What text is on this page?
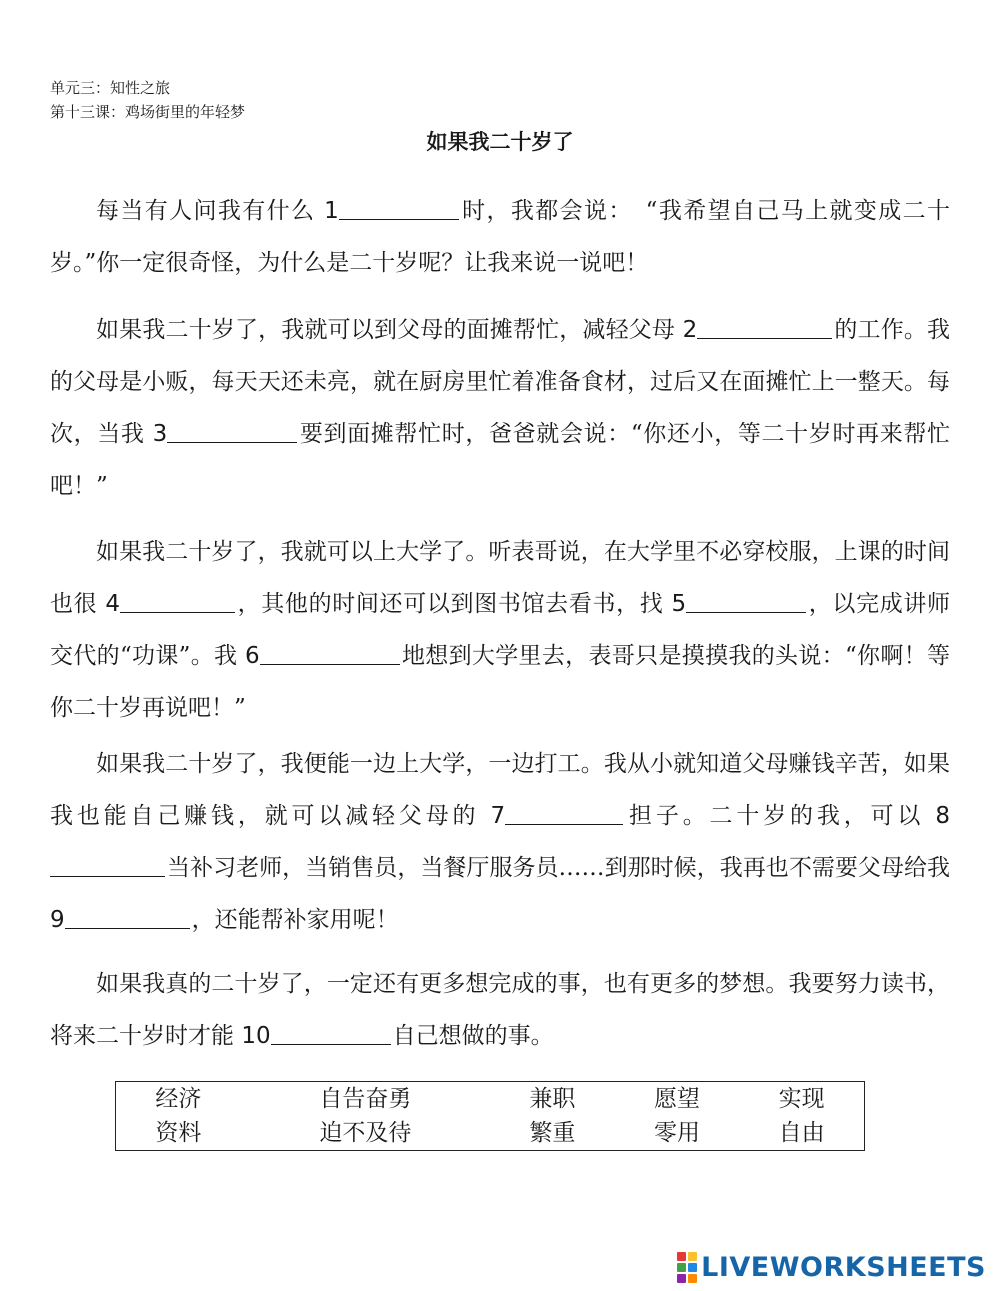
单元三：知性之旅
第十三课：鸡场街里的年轻梦
如果我二十岁了

每当有人问我有什么 1	时，我都会说：　“我希望自己马上就变成二十岁。”你一定很奇怪，为什么是二十岁呢？让我来说一说吧！

如果我二十岁了，我就可以到父母的面摊帮忙，减轻父母 2	的工作。我的父母是小贩，每天天还未亮，就在厨房里忙着准备食材，过后又在面摊忙上一整天。每次，当我 3	要到面摊帮忙时，爸爸就会说：“你还小，等二十岁时再来帮忙吧！”

如果我二十岁了，我就可以上大学了。听表哥说，在大学里不必穿校服，上课的时间也很 4	，其他的时间还可以到图书馆去看书，找 5	，以完成讲师交代的“功课”。我 6	地想到大学里去，表哥只是摸摸我的头说：“你啊！等你二十岁再说吧！”

如果我二十岁了，我便能一边上大学，一边打工。我从小就知道父母赚钱辛苦，如果我也能自己赚钱，就可以减轻父母的 7	担子。二十岁的我，可以 8当补习老师，当销售员，当餐厅服务员……到那时候，我再也不需要父母给我9	，还能帮补家用呢！

如果我真的二十岁了，一定还有更多想完成的事，也有更多的梦想。我要努力读书，将来二十岁时才能 10	自己想做的事。

经济	自告奋勇	兼职	愿望	实现
资料	迫不及待	繁重	零用	自由
LIVEWORKSHEETS
